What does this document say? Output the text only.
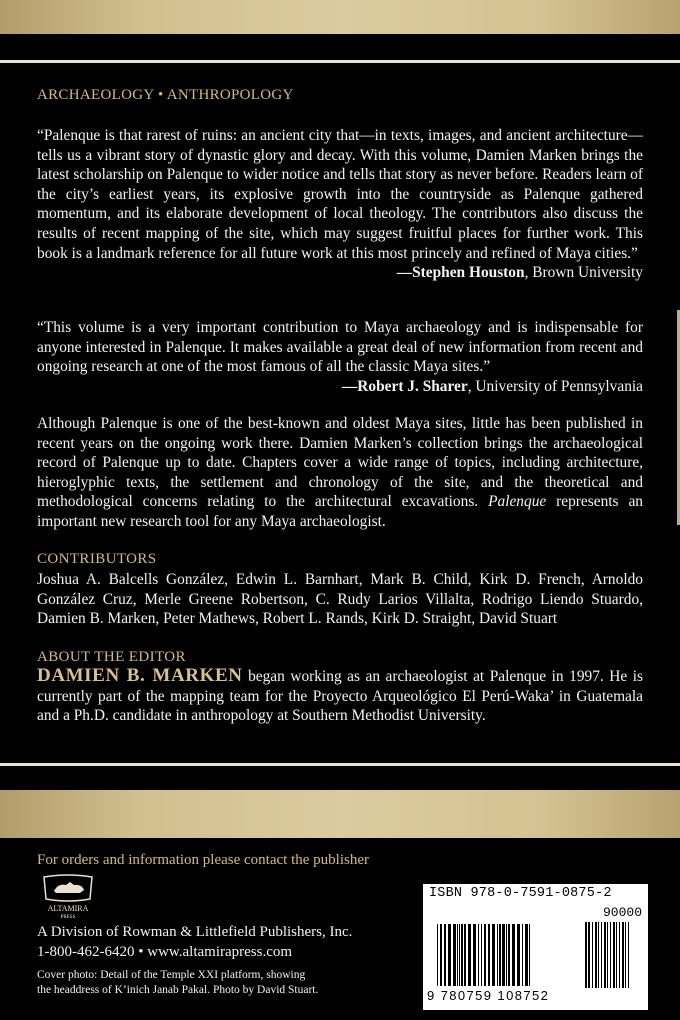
ARCHAEOLOGY • ANTHROPOLOGY
“Palenque is that rarest of ruins: an ancient city that—in texts, images, and ancient architecture—tells us a vibrant story of dynastic glory and decay. With this volume, Damien Marken brings the latest scholarship on Palenque to wider notice and tells that story as never before. Readers learn of the city’s earliest years, its explosive growth into the countryside as Palenque gathered momentum, and its elaborate development of local theology. The contributors also discuss the results of recent mapping of the site, which may suggest fruitful places for further work. This book is a landmark reference for all future work at this most princely and refined of Maya cities.”
—Stephen Houston, Brown University
“This volume is a very important contribution to Maya archaeology and is indispensable for anyone interested in Palenque. It makes available a great deal of new information from recent and ongoing research at one of the most famous of all the classic Maya sites.”
—Robert J. Sharer, University of Pennsylvania
Although Palenque is one of the best-known and oldest Maya sites, little has been published in recent years on the ongoing work there. Damien Marken’s collection brings the archaeological record of Palenque up to date. Chapters cover a wide range of topics, including architecture, hieroglyphic texts, the settlement and chronology of the site, and the theoretical and methodological concerns relating to the architectural excavations. Palenque represents an important new research tool for any Maya archaeologist.
CONTRIBUTORS
Joshua A. Balcells González, Edwin L. Barnhart, Mark B. Child, Kirk D. French, Arnoldo González Cruz, Merle Greene Robertson, C. Rudy Larios Villalta, Rodrigo Liendo Stuardo, Damien B. Marken, Peter Mathews, Robert L. Rands, Kirk D. Straight, David Stuart
ABOUT THE EDITOR
DAMIEN B. MARKEN began working as an archaeologist at Palenque in 1997. He is currently part of the mapping team for the Proyecto Arqueológico El Perú-Waka’ in Guatemala and a Ph.D. candidate in anthropology at Southern Methodist University.
For orders and information please contact the publisher
ALTAMIRA
PRESS
A Division of Rowman & Littlefield Publishers, Inc.
1-800-462-6420 • www.altamirapress.com
Cover photo: Detail of the Temple XXI platform, showing
the headdress of K’inich Janab Pakal. Photo by David Stuart.
ISBN 978-0-7591-0875-2
90000
9 780759 108752
